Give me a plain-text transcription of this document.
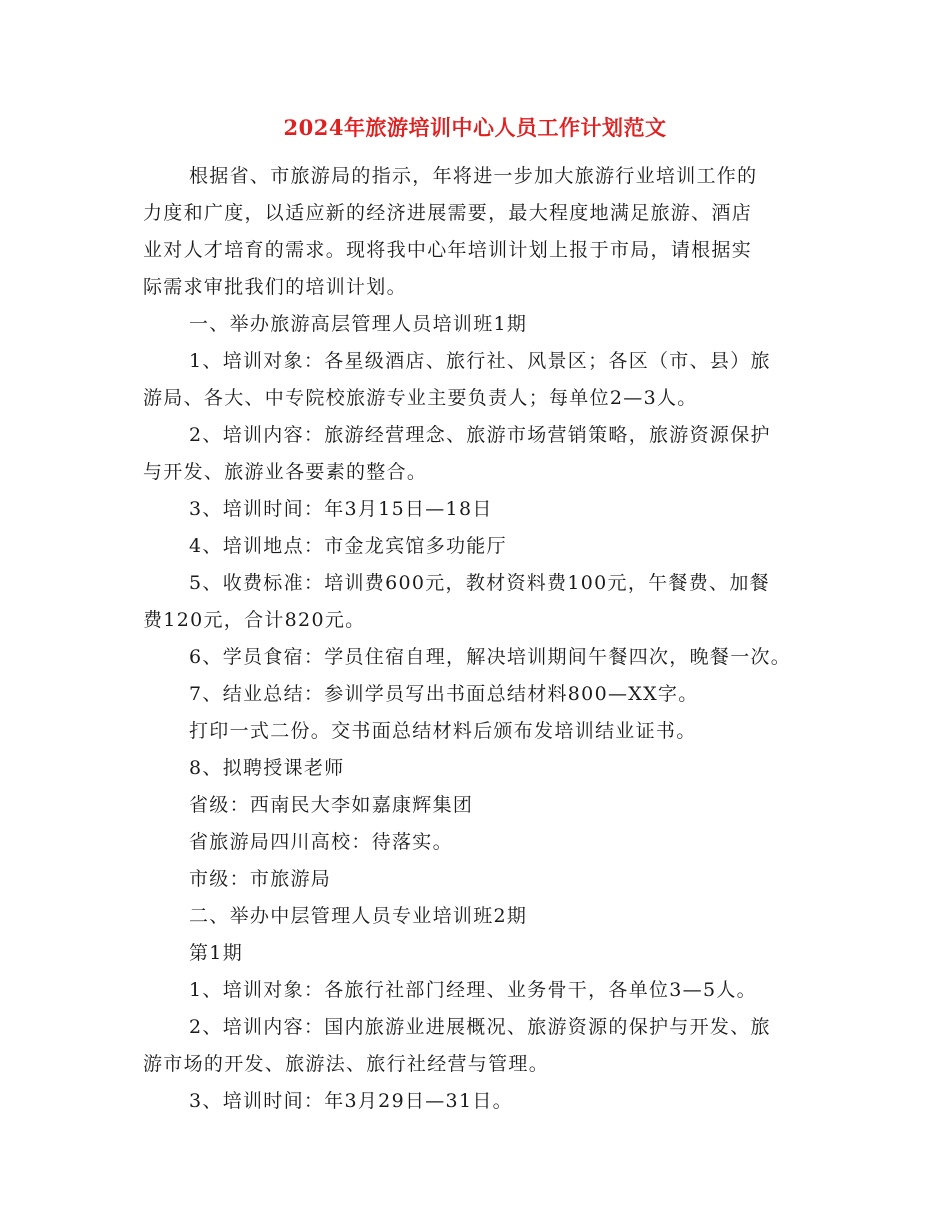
2024年旅游培训中心人员工作计划范文

根据省、市旅游局的指示，年将进一步加大旅游行业培训工作的

力度和广度，以适应新的经济进展需要，最大程度地满足旅游、酒店

业对人才培育的需求。现将我中心年培训计划上报于市局，请根据实

际需求审批我们的培训计划。

一、举办旅游高层管理人员培训班1期

1、培训对象：各星级酒店、旅行社、风景区；各区（市、县）旅

游局、各大、中专院校旅游专业主要负责人；每单位2—3人。

2、培训内容：旅游经营理念、旅游市场营销策略，旅游资源保护

与开发、旅游业各要素的整合。

3、培训时间：年3月15日—18日

4、培训地点：市金龙宾馆多功能厅

5、收费标准：培训费600元，教材资料费100元，午餐费、加餐

费120元，合计820元。

6、学员食宿：学员住宿自理，解决培训期间午餐四次，晚餐一次。

7、结业总结：参训学员写出书面总结材料800—XX字。

打印一式二份。交书面总结材料后颁布发培训结业证书。

8、拟聘授课老师

省级：西南民大李如嘉康辉集团

省旅游局四川高校：待落实。

市级：市旅游局

二、举办中层管理人员专业培训班2期

第1期

1、培训对象：各旅行社部门经理、业务骨干，各单位3—5人。

2、培训内容：国内旅游业进展概况、旅游资源的保护与开发、旅

游市场的开发、旅游法、旅行社经营与管理。

3、培训时间：年3月29日—31日。
